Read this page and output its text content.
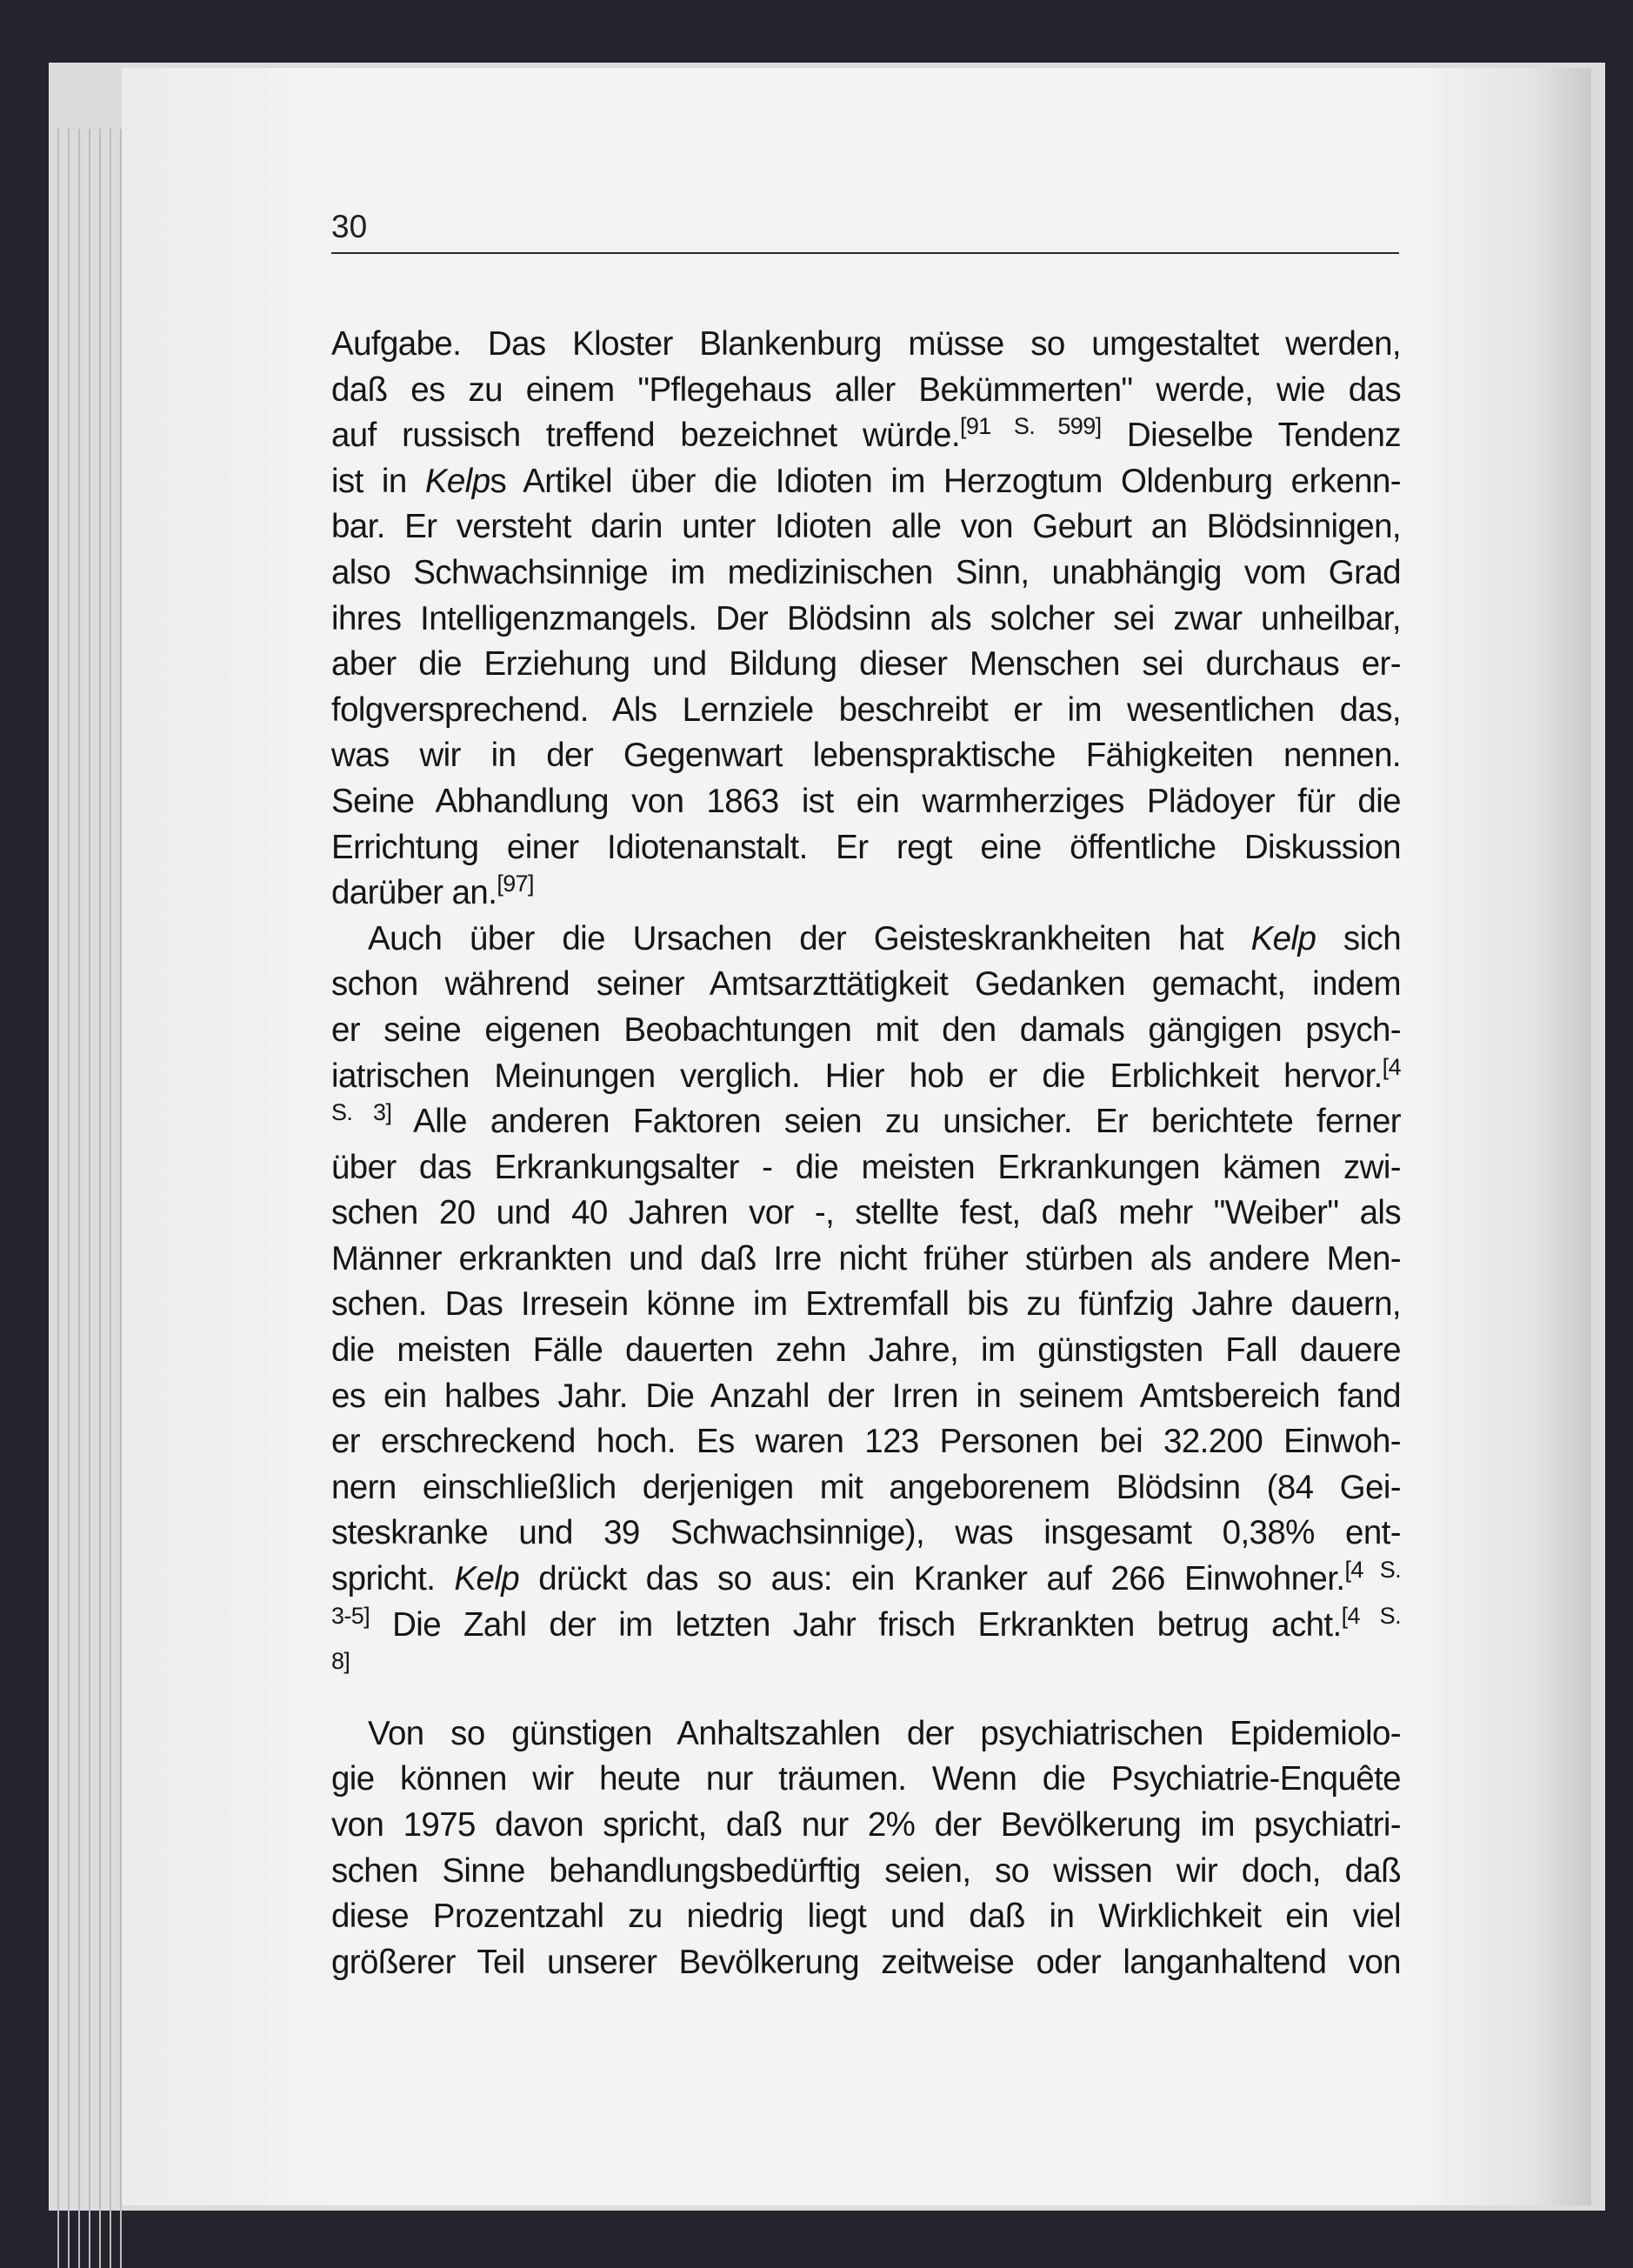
30
Aufgabe. Das Kloster Blankenburg müsse so umgestaltet werden,
daß es zu einem "Pflegehaus aller Bekümmerten" werde, wie das
auf russisch treffend bezeichnet würde.[91 S. 599] Dieselbe Tendenz
ist in Kelps Artikel über die Idioten im Herzogtum Oldenburg erkenn-
bar. Er versteht darin unter Idioten alle von Geburt an Blödsinnigen,
also Schwachsinnige im medizinischen Sinn, unabhängig vom Grad
ihres Intelligenzmangels. Der Blödsinn als solcher sei zwar unheilbar,
aber die Erziehung und Bildung dieser Menschen sei durchaus er-
folgversprechend. Als Lernziele beschreibt er im wesentlichen das,
was wir in der Gegenwart lebenspraktische Fähigkeiten nennen.
Seine Abhandlung von 1863 ist ein warmherziges Plädoyer für die
Errichtung einer Idiotenanstalt. Er regt eine öffentliche Diskussion
darüber an.[97]
Auch über die Ursachen der Geisteskrankheiten hat Kelp sich
schon während seiner Amtsarzttätigkeit Gedanken gemacht, indem
er seine eigenen Beobachtungen mit den damals gängigen psych-
iatrischen Meinungen verglich. Hier hob er die Erblichkeit hervor.$^{[4}$
$^{S. 3]}$ Alle anderen Faktoren seien zu unsicher. Er berichtete ferner
über das Erkrankungsalter - die meisten Erkrankungen kämen zwi-
schen 20 und 40 Jahren vor -, stellte fest, daß mehr "Weiber" als
Männer erkrankten und daß Irre nicht früher stürben als andere Men-
schen. Das Irresein könne im Extremfall bis zu fünfzig Jahre dauern,
die meisten Fälle dauerten zehn Jahre, im günstigsten Fall dauere
es ein halbes Jahr. Die Anzahl der Irren in seinem Amtsbereich fand
er erschreckend hoch. Es waren 123 Personen bei 32.200 Einwoh-
nern einschließlich derjenigen mit angeborenem Blödsinn (84 Gei-
steskranke und 39 Schwachsinnige), was insgesamt 0,38% ent-
spricht. Kelp drückt das so aus: ein Kranker auf 266 Einwohner.$^{[4 S.}$
$^{3-5]}$ Die Zahl der im letzten Jahr frisch Erkrankten betrug acht.$^{[4 S.}$
$^{8]}$
Von so günstigen Anhaltszahlen der psychiatrischen Epidemiolo-
gie können wir heute nur träumen. Wenn die Psychiatrie-Enquête
von 1975 davon spricht, daß nur 2% der Bevölkerung im psychiatri-
schen Sinne behandlungsbedürftig seien, so wissen wir doch, daß
diese Prozentzahl zu niedrig liegt und daß in Wirklichkeit ein viel
größerer Teil unserer Bevölkerung zeitweise oder langanhaltend von
